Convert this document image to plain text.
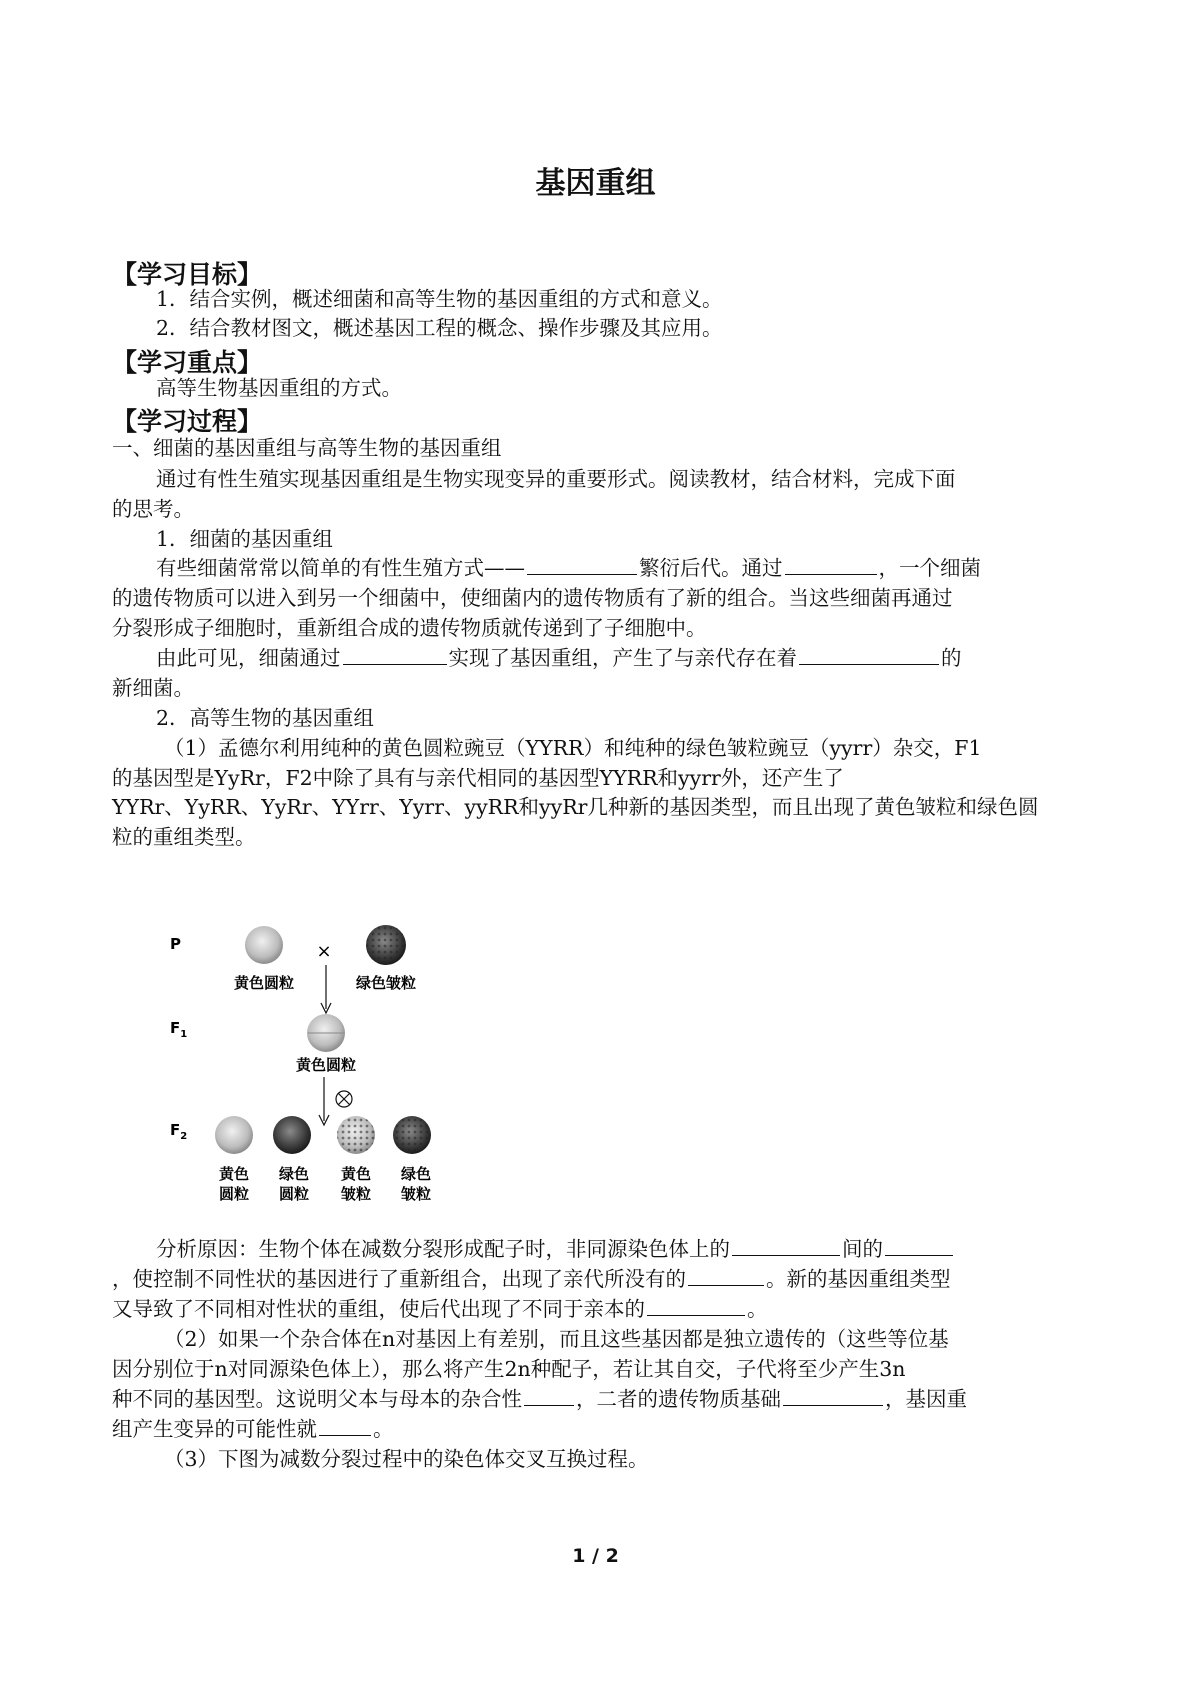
基因重组
【学习目标】
1．结合实例，概述细菌和高等生物的基因重组的方式和意义。
2．结合教材图文，概述基因工程的概念、操作步骤及其应用。
【学习重点】
高等生物基因重组的方式。
【学习过程】
一、细菌的基因重组与高等生物的基因重组
通过有性生殖实现基因重组是生物实现变异的重要形式。阅读教材，结合材料，完成下面
的思考。
1．细菌的基因重组
有些细菌常常以简单的有性生殖方式——	繁衍后代。通过	，一个细菌
的遗传物质可以进入到另一个细菌中，使细菌内的遗传物质有了新的组合。当这些细菌再通过
分裂形成子细胞时，重新组合成的遗传物质就传递到了子细胞中。
由此可见，细菌通过	实现了基因重组，产生了与亲代存在着	的
新细菌。
2．高等生物的基因重组
（1）孟德尔利用纯种的黄色圆粒豌豆（YYRR）和纯种的绿色皱粒豌豆（yyrr）杂交，F1
的基因型是YyRr，F2中除了具有与亲代相同的基因型YYRR和yyrr外，还产生了
YYRr、YyRR、YyRr、YYrr、Yyrr、yyRR和yyRr几种新的基因类型，而且出现了黄色皱粒和绿色圆
粒的重组类型。
P
$F_1$
$F_2$
×
黄色圆粒	绿色皱粒
黄色圆粒
黄色
圆粒
绿色
圆粒
黄色
皱粒
绿色
皱粒
分析原因：生物个体在减数分裂形成配子时，非同源染色体上的	间的
，使控制不同性状的基因进行了重新组合，出现了亲代所没有的	。新的基因重组类型
又导致了不同相对性状的重组，使后代出现了不同于亲本的	。
（2）如果一个杂合体在n对基因上有差别，而且这些基因都是独立遗传的（这些等位基
因分别位于n对同源染色体上），那么将产生2n种配子，若让其自交，子代将至少产生3n
种不同的基因型。这说明父本与母本的杂合性	，二者的遗传物质基础	，基因重
组产生变异的可能性就	。
（3）下图为减数分裂过程中的染色体交叉互换过程。
1 / 2
